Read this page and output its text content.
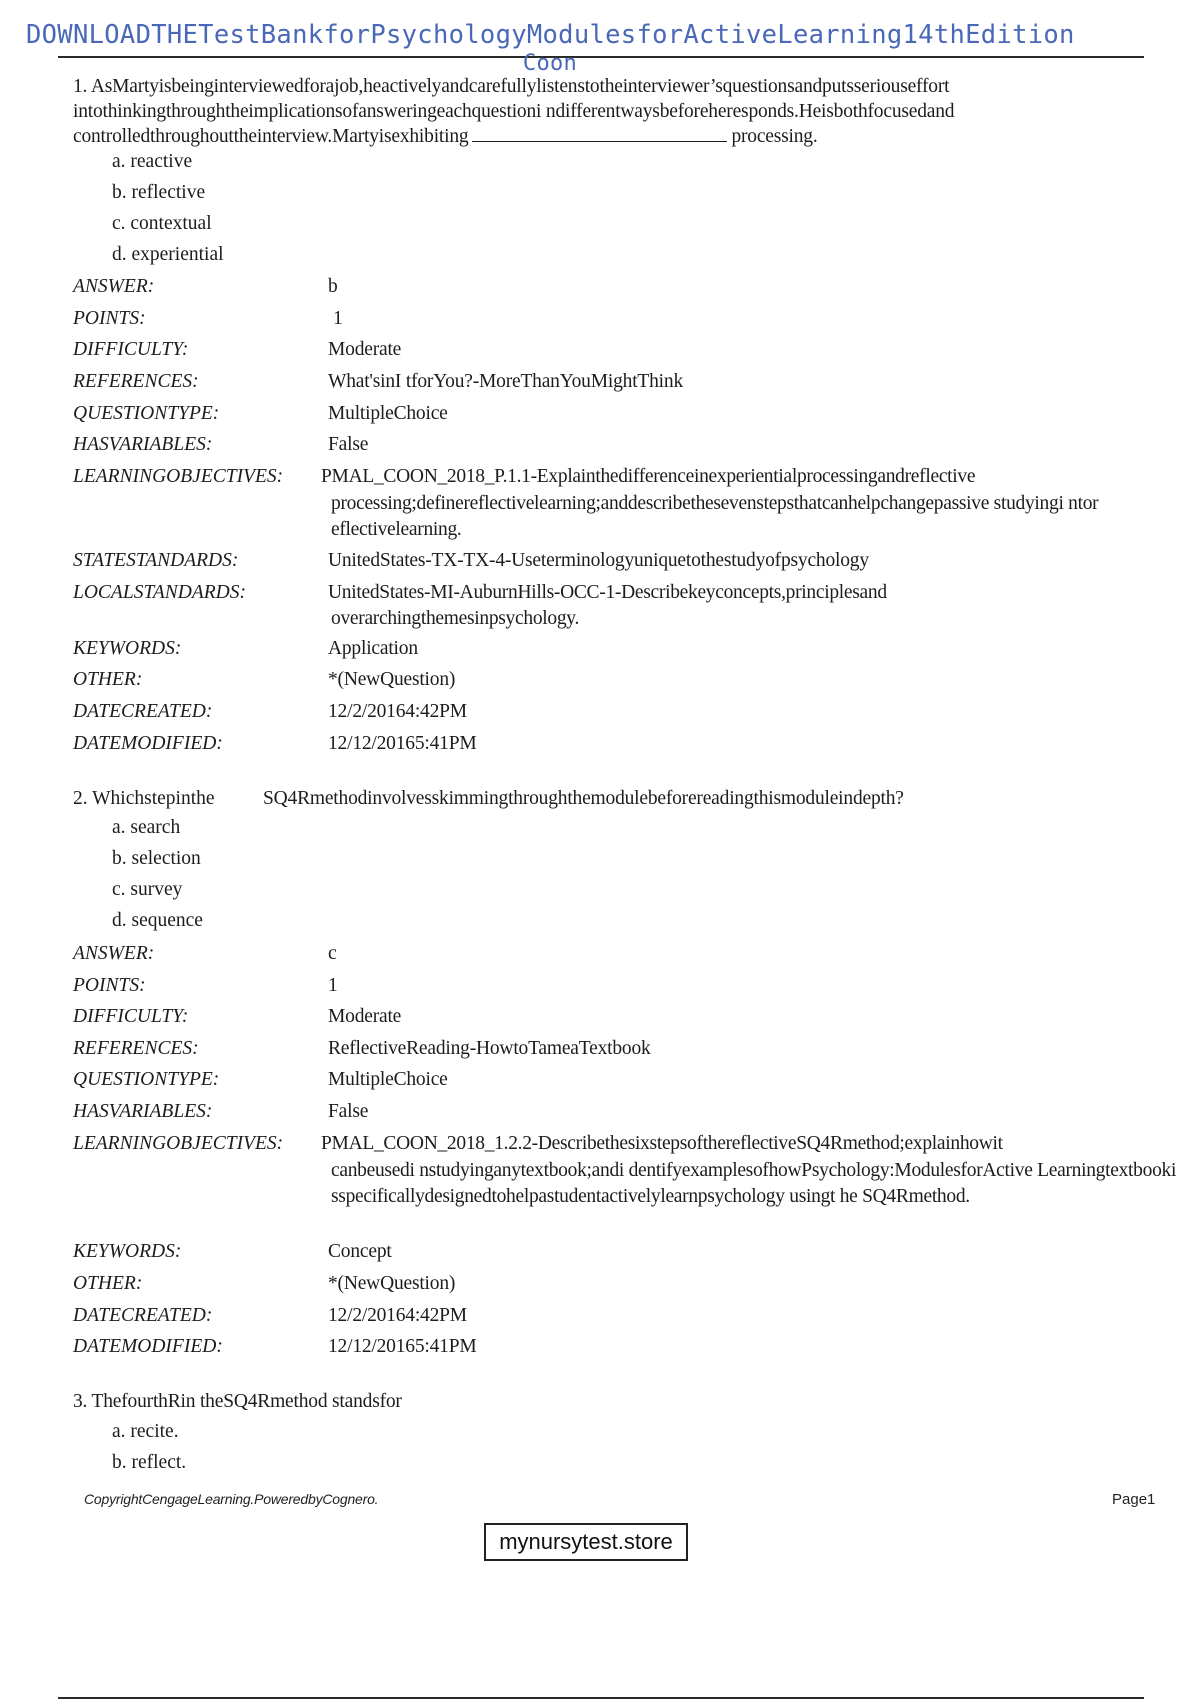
DOWNLOADTHETestBankforPsychologyModulesforActiveLearning14thEdition
Coon
1. AsMartyisbeinginterviewedforajob,heactivelyandcarefullylistenstotheinterviewer’squestionsandputsseriouseffort intothinkingthroughtheimplicationsofansweringeachquestioni ndifferentwaysbeforeheresponds.Heisbothfocusedand controlledthroughouttheinterview.Martyisexhibiting	processing.
a. reactive
b. reflective
c. contextual
d. experiential
ANSWER:	b
POINTS:	1
DIFFICULTY:	Moderate
REFERENCES:	What'sinI tforYou?-MoreThanYouMightThink
QUESTIONTYPE:	MultipleChoice
HASVARIABLES:	False
LEARNINGOBJECTIVES: PMAL_COON_2018_P.1.1-Explainthedifferenceinexperientialprocessingandreflective
processing;definereflectivelearning;anddescribethesevenstepsthatcanhelpchangepassive studyingi ntor eflectivelearning.
STATESTANDARDS:	UnitedStates-TX-TX-4-Useterminologyuniquetothestudyofpsychology
LOCALSTANDARDS:	UnitedStates-MI-AuburnHills-OCC-1-Describekeyconcepts,principlesand
overarchingthemesinpsychology.
KEYWORDS:	Application
OTHER:	*(NewQuestion)
DATECREATED:	12/2/20164:42PM
DATEMODIFIED:	12/12/20165:41PM
2. Whichstepinthe SQ4Rmethodinvolvesskimmingthroughthemodulebeforereadingthismoduleindepth?
a. search
b. selection
c. survey
d. sequence
ANSWER:	c
POINTS:	1
DIFFICULTY:	Moderate
REFERENCES:	ReflectiveReading-HowtoTameaTextbook
QUESTIONTYPE:	MultipleChoice
HASVARIABLES:	False
LEARNINGOBJECTIVES: PMAL_COON_2018_1.2.2-DescribethesixstepsofthereflectiveSQ4Rmethod;explainhowit
canbeusedi nstudyinganytextbook;andi dentifyexamplesofhowPsychology:ModulesforActive Learningtextbooki sspecificallydesignedtohelpastudentactivelylearnpsychology usingt he SQ4Rmethod.
KEYWORDS:	Concept
OTHER:	*(NewQuestion)
DATECREATED:	12/2/20164:42PM
DATEMODIFIED:	12/12/20165:41PM
3. ThefourthRin theSQ4Rmethod standsfor
a. recite.
b. reflect.
CopyrightCengageLearning.PoweredbyCognero.	Page1
mynursytest.store
